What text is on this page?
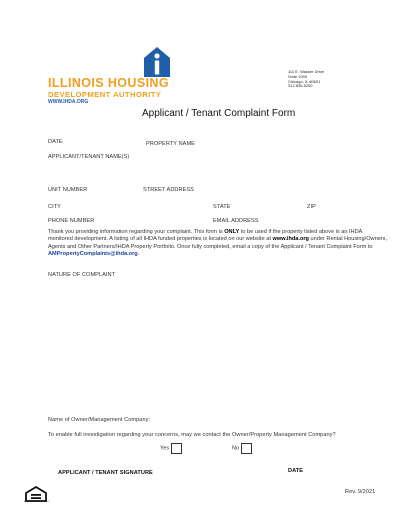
ILLINOIS HOUSING
DEVELOPMENT AUTHORITY
WWW.IHDA.ORG
111 E. Wacker Drive
Suite 1000
Chicago, IL 60601
312.836.5200
Applicant / Tenant Complaint Form
DATE	PROPERTY NAME
APPLICANT/TENANT NAME(S)
UNIT NUMBER	STREET ADDRESS
CITY	STATE	ZIP
PHONE NUMBER	EMAIL ADDRESS
Thank you providing information regarding your complaint. This form is ONLY to be used if the property listed above is an IHDA monitored development. A listing of all IHDA funded properties is located on our website at www.ihda.org under Rental Housing/Owners, Agents and Other Partners/IHDA Property Portfolio. Once fully completed, email a copy of the Applicant / Tenant Complaint Form to AMPropertyComplaints@ihda.org.
NATURE OF COMPLAINT
Name of Owner/Management Company:
To enable full investigation regarding your concerns, may we contact the Owner/Property Management Company?
Yes	No
APPLICANT / TENANT SIGNATURE	DATE
EQUAL HOUSING OPPORTUNITY
Rev. 9/2021
